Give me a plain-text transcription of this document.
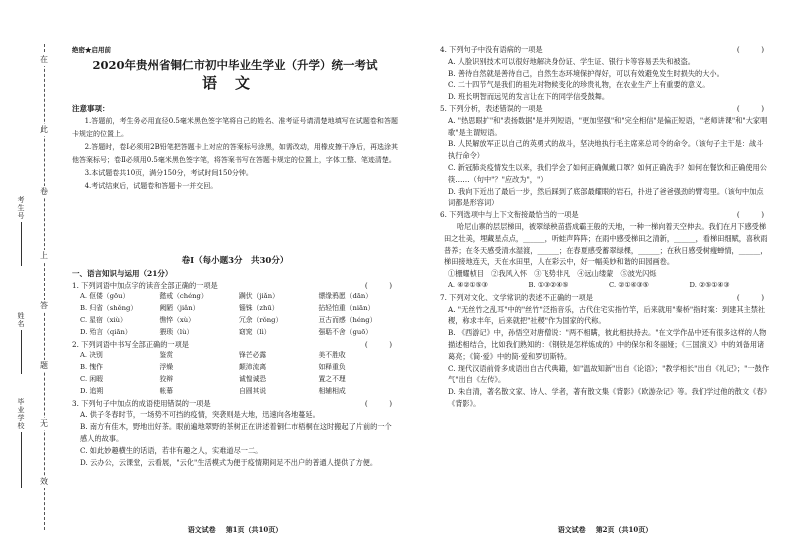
在
此
卷
上
答
题
无
效
考生号
姓名
毕业学校
绝密★启用前
2020年贵州省铜仁市初中毕业生学业（升学）统一考试
语文
注意事项：

1.答题前，考生务必用直径0.5毫米黑色签字笔将自己的姓名、准考证号请清楚地填写在试题卷和答题卡规定的位置上。

2.答题时，卷Ⅰ必须用2B铅笔把答题卡上对应的答案标号涂黑，如需改动，用橡皮擦干净后，再选涂其他答案标号；卷Ⅱ必须用0.5毫米黑色签字笔，将答案书写在答题卡规定的位置上，字体工整、笔迹清楚。

3.本试题卷共10页，满分150分，考试时间150分钟。

4.考试结束后，试题卷和答题卡一并交回。

卷Ⅰ（每小题3分　共30分）
一、语言知识与运用（21分）

1. 下列词语中加点字的读音全部正确的一项是	(　　　)

A. 伛偻（gōu）	懿戒（chéng）	蹒伏（jiǎn）	缥缘鸦愿（dān）
B. 归省（shěng）	阙陋（jiǎn）	锱铢（zhū）	拈轻怕重（niān）
C. 星宿（xiù）	憔悴（xù）	冗余（rǒng）	亘古而感（héng）
D. 殆言（qiān）	猥琐（lù）	窈窕（lì）	强聒不舍（guō）

2. 下列词语中书写全部正确的一项是	(　　　)

A. 决别	鉴赏	锋芒必露	美不胜收
B. 愧作	浮燥	颠沛流离	如释重负
C. 闲暇	狡辩	诚惶诚恐	置之不理
D. 追朔	帐幕	自圆其说	相辅相成

3. 下列句子中加点的成语使用错误的一项是	(　　　)

A. 供子冬春时节，一场势不可挡的疫情，突袭则是大地，迅速向各地蔓延。

B. 南方有佳木，野地出好茶。眼前遍地翠野的茶树正在讲述着铜仁市梧桐在这时搬起了片前的一个感人的故事。

C. 如此妙趣横生的话语，若非有趣之人，实难道尽一二。

D. 云办公，云课堂，云看展，"云化"生活模式为便于疫情期间足不出户的普通人提供了方便。

语文试卷 第1页（共10页）

4. 下列句子中没有语病的一项是	(　　　)

A. 人脸识别技术可以很好地解决身份证、学生证、银行卡等容易丢失和被盗。

B. 善待自然就是善待自己，自然生态环境保护得好，可以有效避免发生时损失的大小。

C. 二十四节气是我们的祖先对物候变化的珍贵礼物，在农业生产上有重要的意义。

D. 班长明智而远见的发言让在下的同学信受鼓舞。

5. 下列分析，表述错误的一项是	(　　　)

A. "热思眼扩"和"表扬数据"是并列短语，"更加坚强"和"完全相信"是偏正短语，"老师讲课"和"大家唱歌"是主谓短语。

B. 人民解放军正以自己的英勇式的战斗，坚决地执行毛主席来总司令的命令。（该句子主干是：战斗执行命令）

C. 新冠肺炎疫情发生以来，我们学会了如何正确佩戴口罩？如何正确洗手？如何在餐饮和正确使用公筷……（句中"？"应改为"，"）

D. 我向下近出了最后一步，然后踩到了底部最耀眼的岩石，扑进了爸爸强劲的臂弯里。（该句中加点词都是形容词）

6. 下列选项中与上下文衔接最恰当的一项是	(　　　)

哈尼山寨的层层梯田，被翠绿秧苗搭成霸王般的天地，一种一梯向着天空伸去。我们在月下感受梯田之壮美，埋藏星点点，______，听蛙声阵阵；在雨中感受梯田之清新，______，看梯田细赋，喜秋雨普养；在冬天感受清水湿渡，______；在春夏感受蓄翠绿棵，______；在秋日感受树瘦蝉情，______，梯田接地连天，天在水田里，人在彩云中，好一幅美妙和谐的田园画卷。

①栅耀桢目　②我风入怀　③飞势非凡　④远山缕蒙　⑤波光闪烁

A. ④②①⑤③	B. ①③②④⑤	C. ②①④③⑤	D. ②⑤①④③

7. 下列对文化、文学常识的表述不正确的一项是	(　　　)

A. "无丝竹之乱耳"中的"丝竹"泛指音乐，古代住宅实指竹竿，后来就用"秦桥"指时案：到建其主禁社稷，称求丰年，后来就把"社稷"作为国家的代称。

B. 《西游记》中，孙悟空对唐僧说："两不相瞒，彼此相扶持去。"在文学作品中还有很多这样的人物描述相结合，比如我们熟知的：《钢铁是怎样炼成的》中的保尔和冬丽娅；《三国演义》中的刘备用诸葛亮；《简·爱》中的简·爱和罗切斯特。

C. 现代汉语前骨多成语出自古代典籍，如"温故知新"出自《论语》；"教学相长"出自《礼记》；"一鼓作气"出自《左传》。

D. 朱自清，著名散文家、诗人、学者，著有散文集《背影》《欧游杂记》等。我们学过他的散文《春》《背影》。

语文试卷 第2页（共10页）
